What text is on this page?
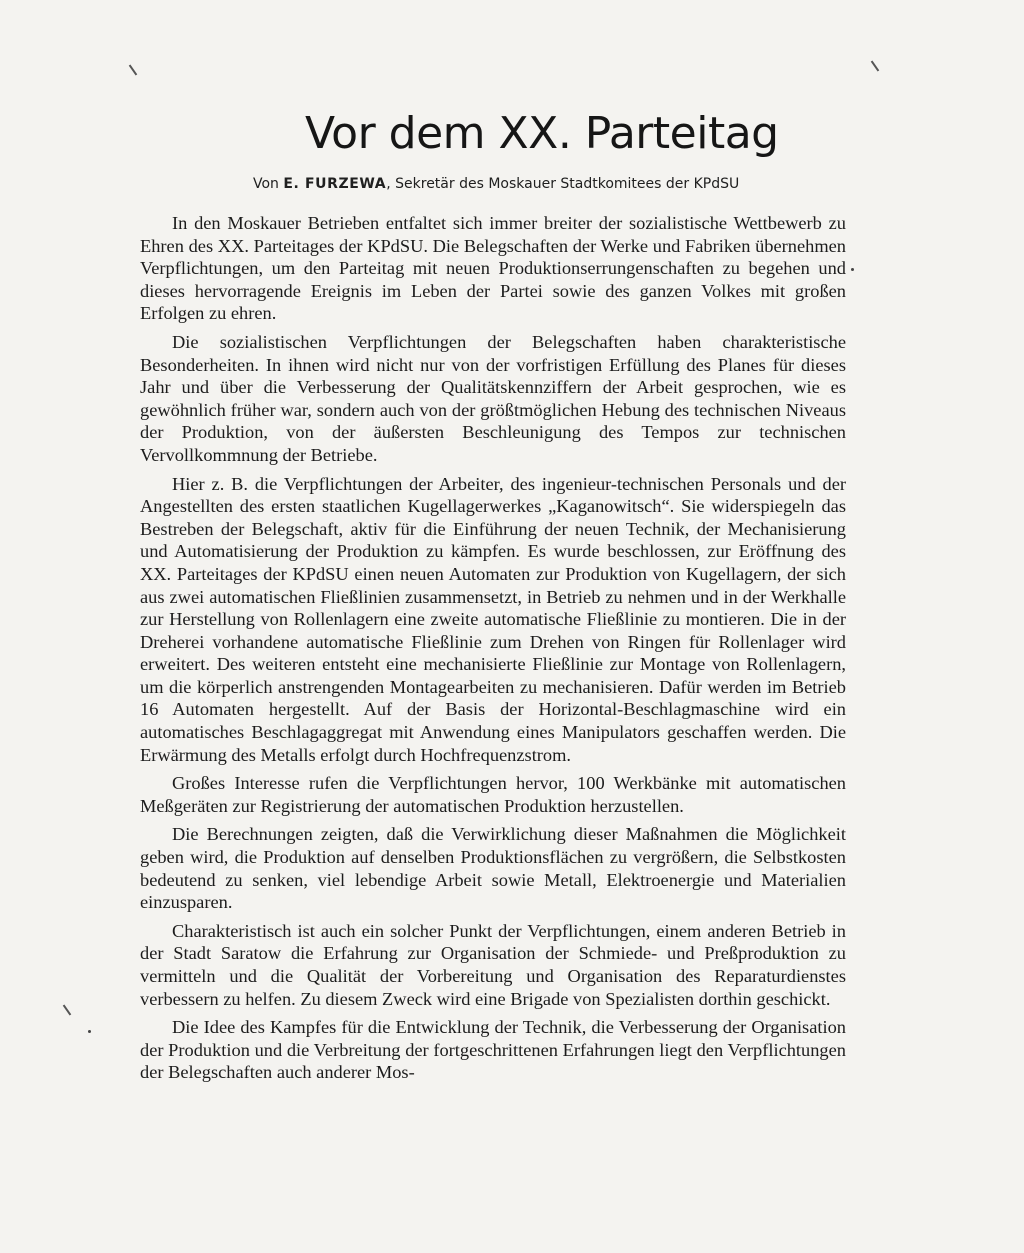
Vor dem XX. Parteitag

Von E. FURZEWA, Sekretär des Moskauer Stadtkomitees der KPdSU

In den Moskauer Betrieben entfaltet sich immer breiter der sozialistische Wettbewerb zu Ehren des XX. Parteitages der KPdSU. Die Belegschaften der Werke und Fabriken übernehmen Verpflichtungen, um den Parteitag mit neuen Produktionserrungenschaften zu begehen und dieses hervorragende Ereignis im Leben der Partei sowie des ganzen Volkes mit großen Erfolgen zu ehren.

Die sozialistischen Verpflichtungen der Belegschaften haben charakteristische Besonderheiten. In ihnen wird nicht nur von der vorfristigen Erfüllung des Planes für dieses Jahr und über die Verbesserung der Qualitätskennziffern der Arbeit gesprochen, wie es gewöhnlich früher war, sondern auch von der größtmöglichen Hebung des technischen Niveaus der Produktion, von der äußersten Beschleunigung des Tempos zur technischen Vervollkommnung der Betriebe.

Hier z. B. die Verpflichtungen der Arbeiter, des ingenieur-technischen Personals und der Angestellten des ersten staatlichen Kugellagerwerkes „Kaganowitsch“. Sie widerspiegeln das Bestreben der Belegschaft, aktiv für die Einführung der neuen Technik, der Mechanisierung und Automatisierung der Produktion zu kämpfen. Es wurde beschlossen, zur Eröffnung des XX. Parteitages der KPdSU einen neuen Automaten zur Produktion von Kugellagern, der sich aus zwei automatischen Fließlinien zusammensetzt, in Betrieb zu nehmen und in der Werkhalle zur Herstellung von Rollenlagern eine zweite automatische Fließlinie zu montieren. Die in der Dreherei vorhandene automatische Fließlinie zum Drehen von Ringen für Rollenlager wird erweitert. Des weiteren entsteht eine mechanisierte Fließlinie zur Montage von Rollenlagern, um die körperlich anstrengenden Montagearbeiten zu mechanisieren. Dafür werden im Betrieb 16 Automaten hergestellt. Auf der Basis der Horizontal-Beschlagmaschine wird ein automatisches Beschlagaggregat mit Anwendung eines Manipulators geschaffen werden. Die Erwärmung des Metalls erfolgt durch Hochfrequenzstrom.

Großes Interesse rufen die Verpflichtungen hervor, 100 Werkbänke mit automatischen Meßgeräten zur Registrierung der automatischen Produktion herzustellen.

Die Berechnungen zeigten, daß die Verwirklichung dieser Maßnahmen die Möglichkeit geben wird, die Produktion auf denselben Produktionsflächen zu vergrößern, die Selbstkosten bedeutend zu senken, viel lebendige Arbeit sowie Metall, Elektroenergie und Materialien einzusparen.

Charakteristisch ist auch ein solcher Punkt der Verpflichtungen, einem anderen Betrieb in der Stadt Saratow die Erfahrung zur Organisation der Schmiede- und Preßproduktion zu vermitteln und die Qualität der Vorbereitung und Organisation des Reparaturdienstes verbessern zu helfen. Zu diesem Zweck wird eine Brigade von Spezialisten dorthin geschickt.

Die Idee des Kampfes für die Entwicklung der Technik, die Verbesserung der Organisation der Produktion und die Verbreitung der fortgeschrittenen Erfahrungen liegt den Verpflichtungen der Belegschaften auch anderer Mos-
